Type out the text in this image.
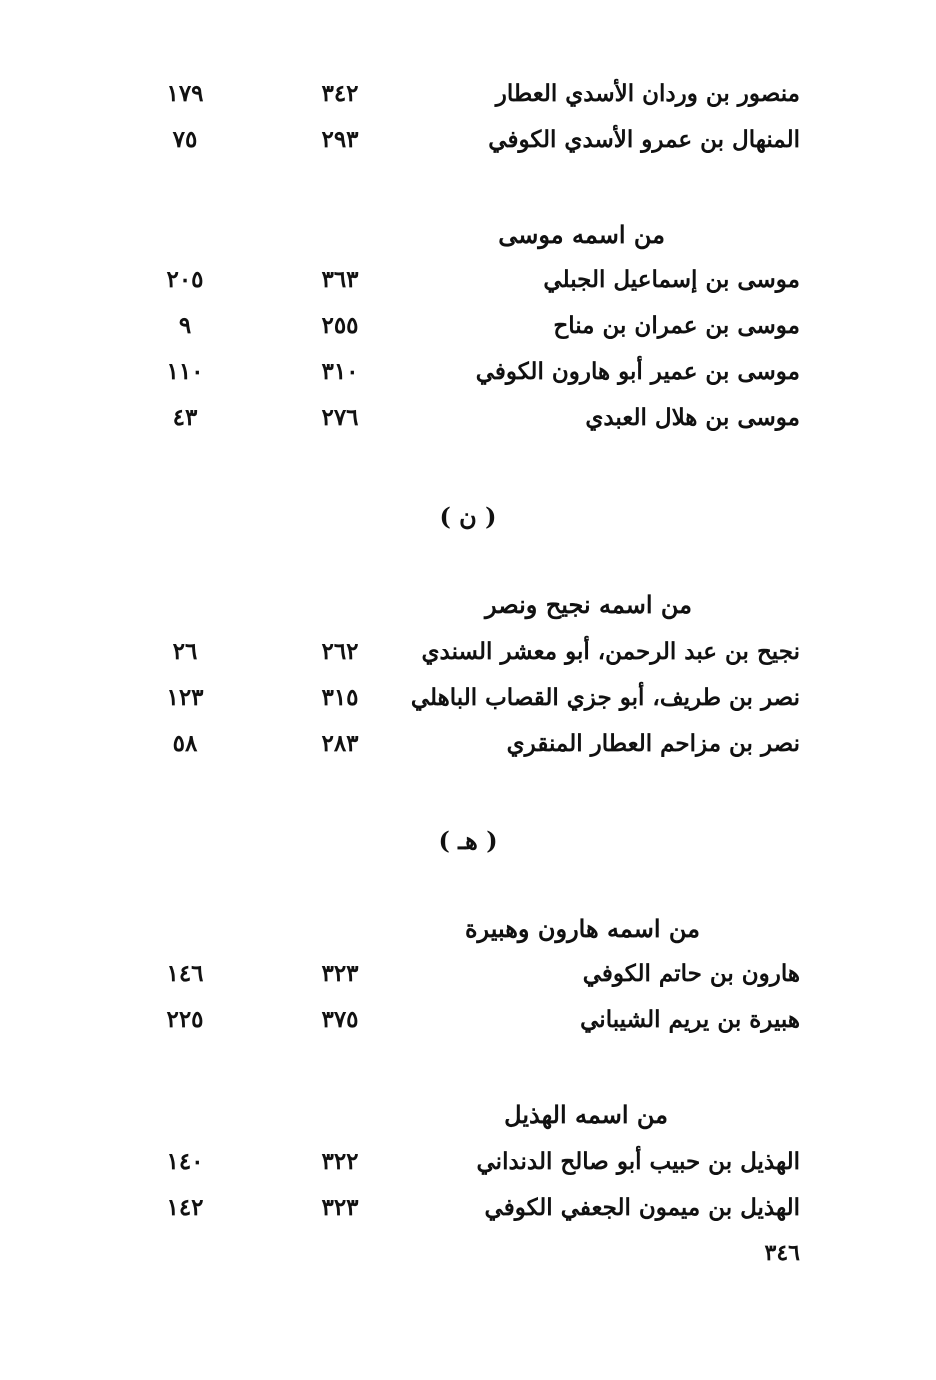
منصور بن وردان الأسدي العطار
٣٤٢
١٧٩
المنهال بن عمرو الأسدي الكوفي
٢٩٣
٧٥
من اسمه موسى
موسى بن إسماعيل الجبلي
٣٦٣
٢٠٥
موسى بن عمران بن مناح
٢٥٥
٩
موسى بن عمير أبو هارون الكوفي
٣١٠
١١٠
موسى بن هلال العبدي
٢٧٦
٤٣
( ن )
من اسمه نجيح ونصر
نجيح بن عبد الرحمن، أبو معشر السندي
٢٦٢
٢٦
نصر بن طريف، أبو جزي القصاب الباهلي
٣١٥
١٢٣
نصر بن مزاحم العطار المنقري
٢٨٣
٥٨
( هـ )
من اسمه هارون وهبيرة
هارون بن حاتم الكوفي
٣٢٣
١٤٦
هبيرة بن يريم الشيباني
٣٧٥
٢٢٥
من اسمه الهذيل
الهذيل بن حبيب أبو صالح الدنداني
٣٢٢
١٤٠
الهذيل بن ميمون الجعفي الكوفي
٣٢٣
١٤٢
٣٤٦
